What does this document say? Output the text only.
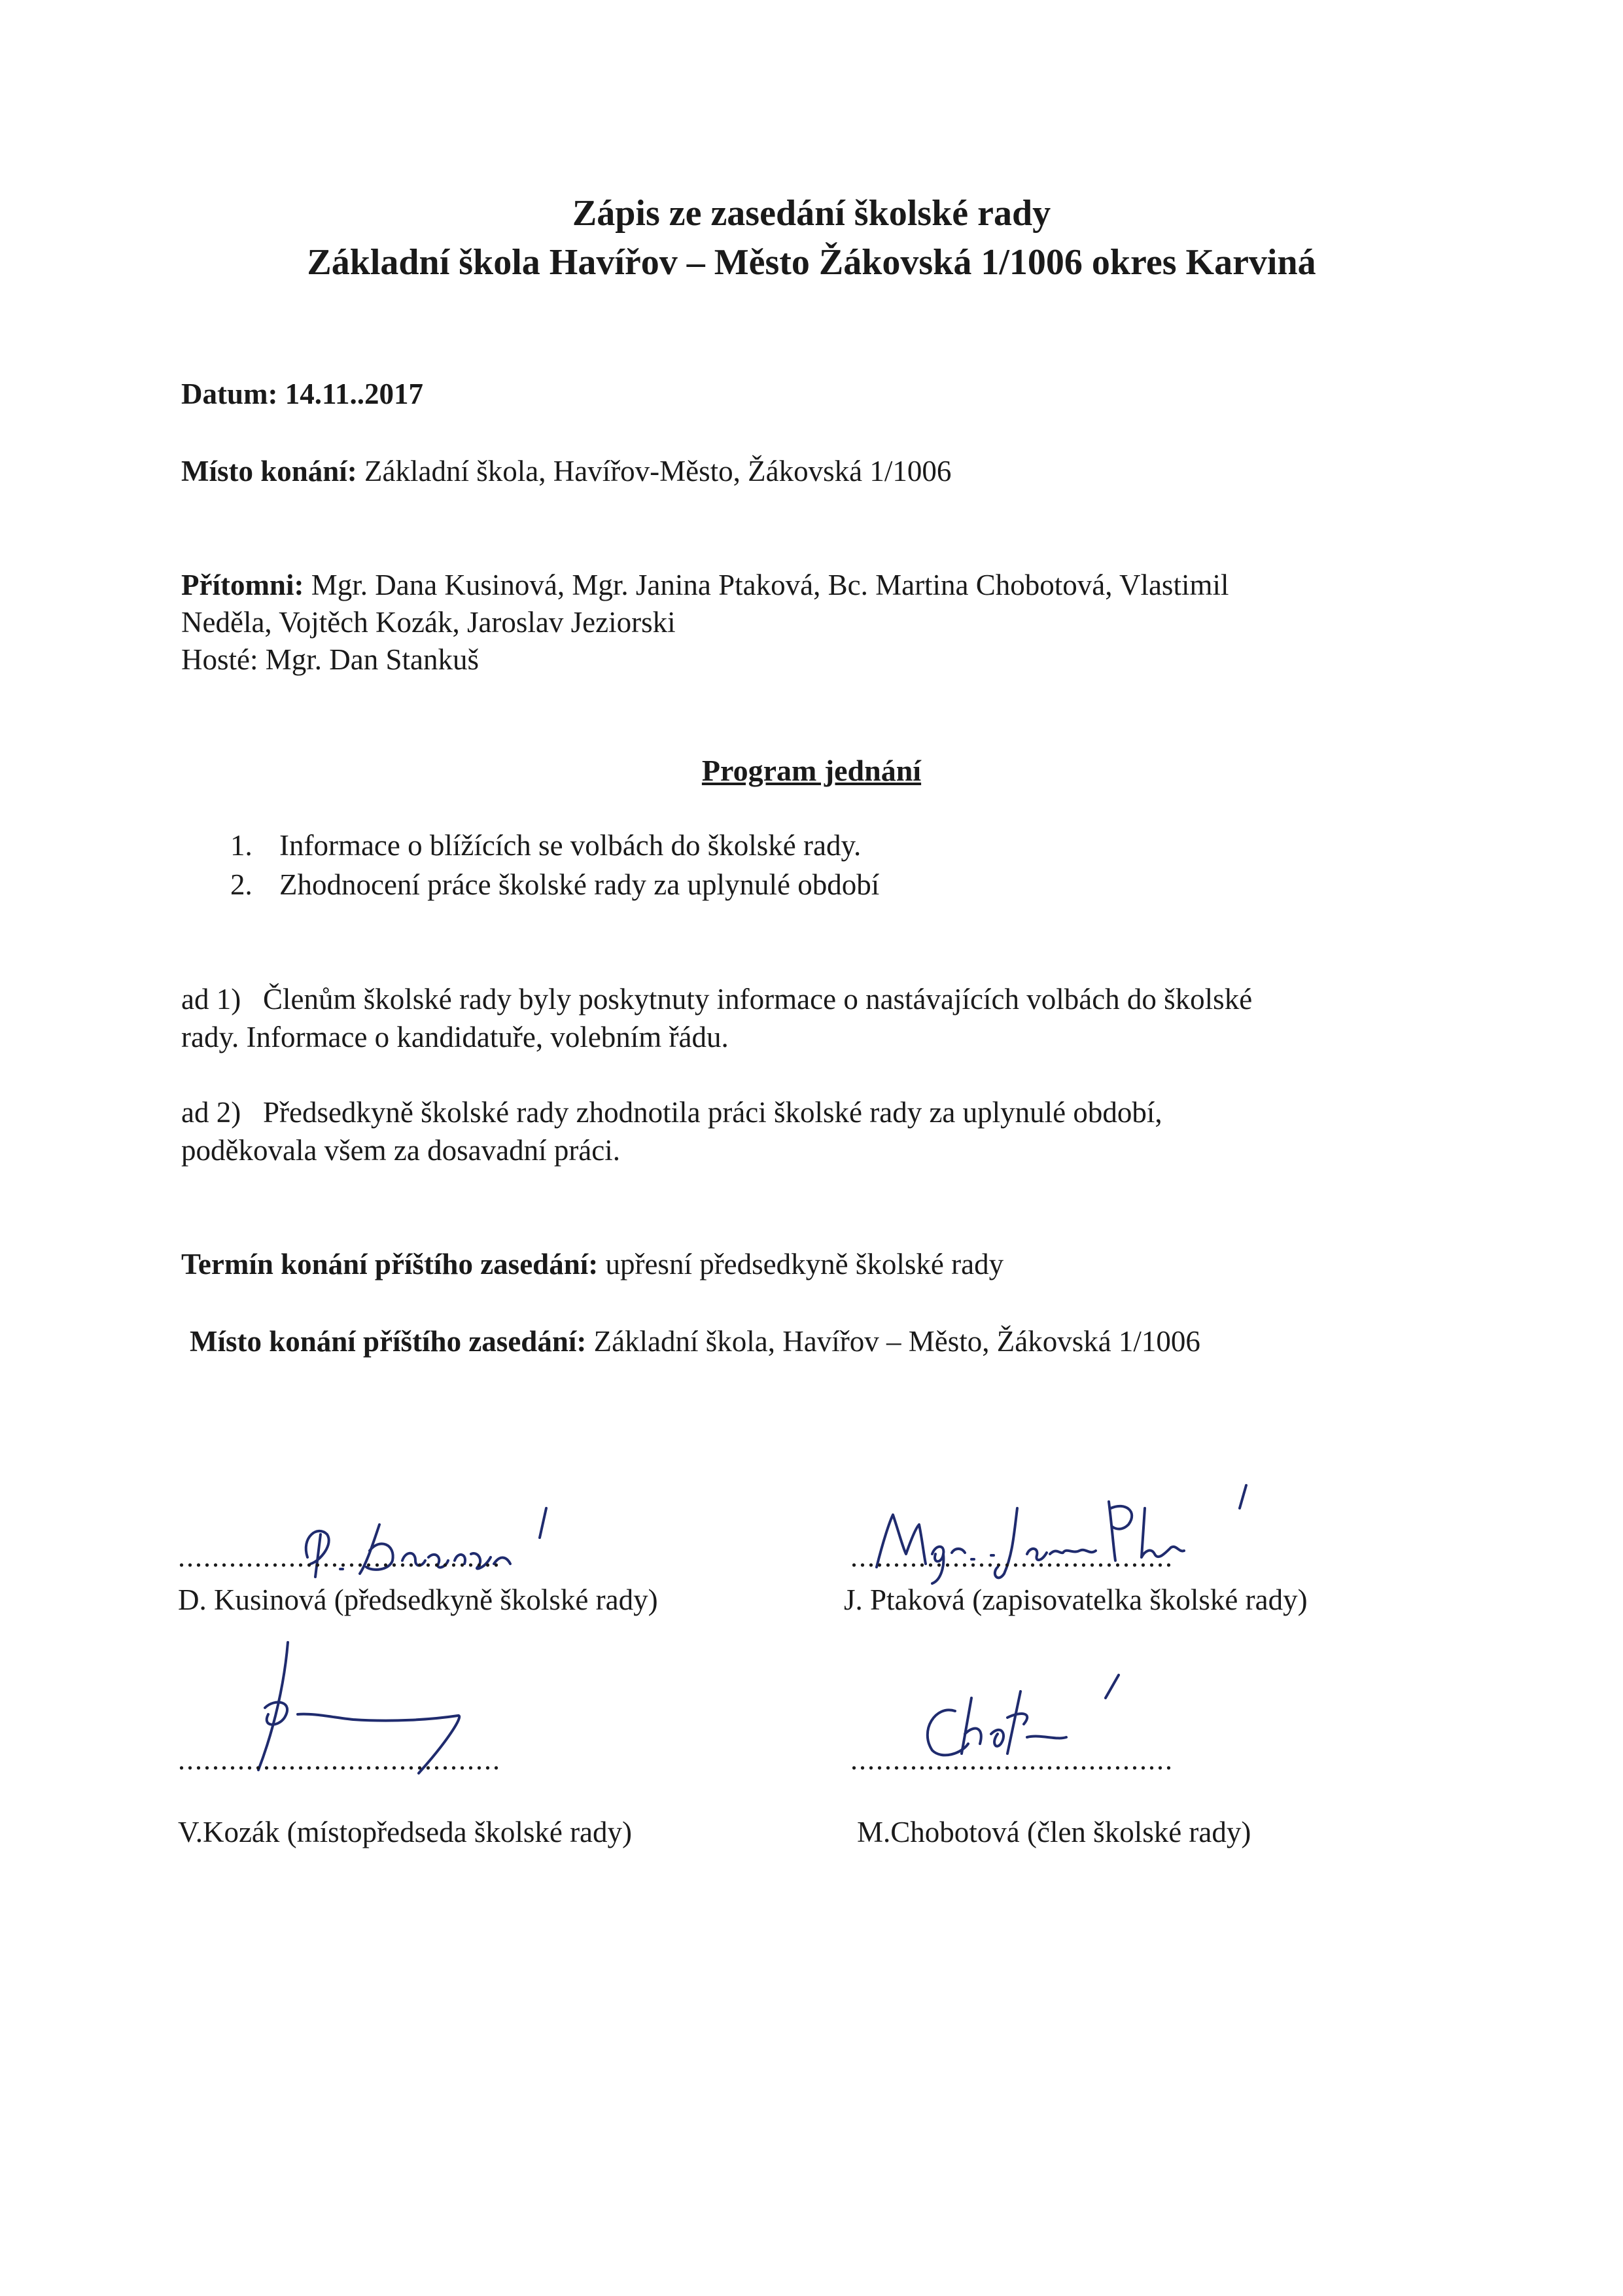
Zápis ze zasedání školské rady
Základní škola Havířov – Město Žákovská 1/1006 okres Karviná
Datum: 14.11..2017
Místo konání: Základní škola, Havířov-Město, Žákovská 1/1006
Přítomni: Mgr. Dana Kusinová, Mgr. Janina Ptaková, Bc. Martina Chobotová, Vlastimil
Neděla, Vojtěch Kozák, Jaroslav Jeziorski
Hosté: Mgr. Dan Stankuš
Program jednání
1. Informace o blížících se volbách do školské rady.
2. Zhodnocení práce školské rady za uplynulé období
ad 1)   Členům školské rady byly poskytnuty informace o nastávajících volbách do školské
rady. Informace o kandidatuře, volebním řádu.
ad 2)   Předsedkyně školské rady zhodnotila práci školské rady za uplynulé období,
poděkovala všem za dosavadní práci.
Termín konání příštího zasedání: upřesní předsedkyně školské rady
Místo konání příštího zasedání: Základní škola, Havířov – Město, Žákovská 1/1006
......................................
D. Kusinová (předsedkyně školské rady)
......................................
J. Ptaková (zapisovatelka školské rady)
......................................
V.Kozák (místopředseda školské rady)
......................................
M.Chobotová (člen školské rady)
